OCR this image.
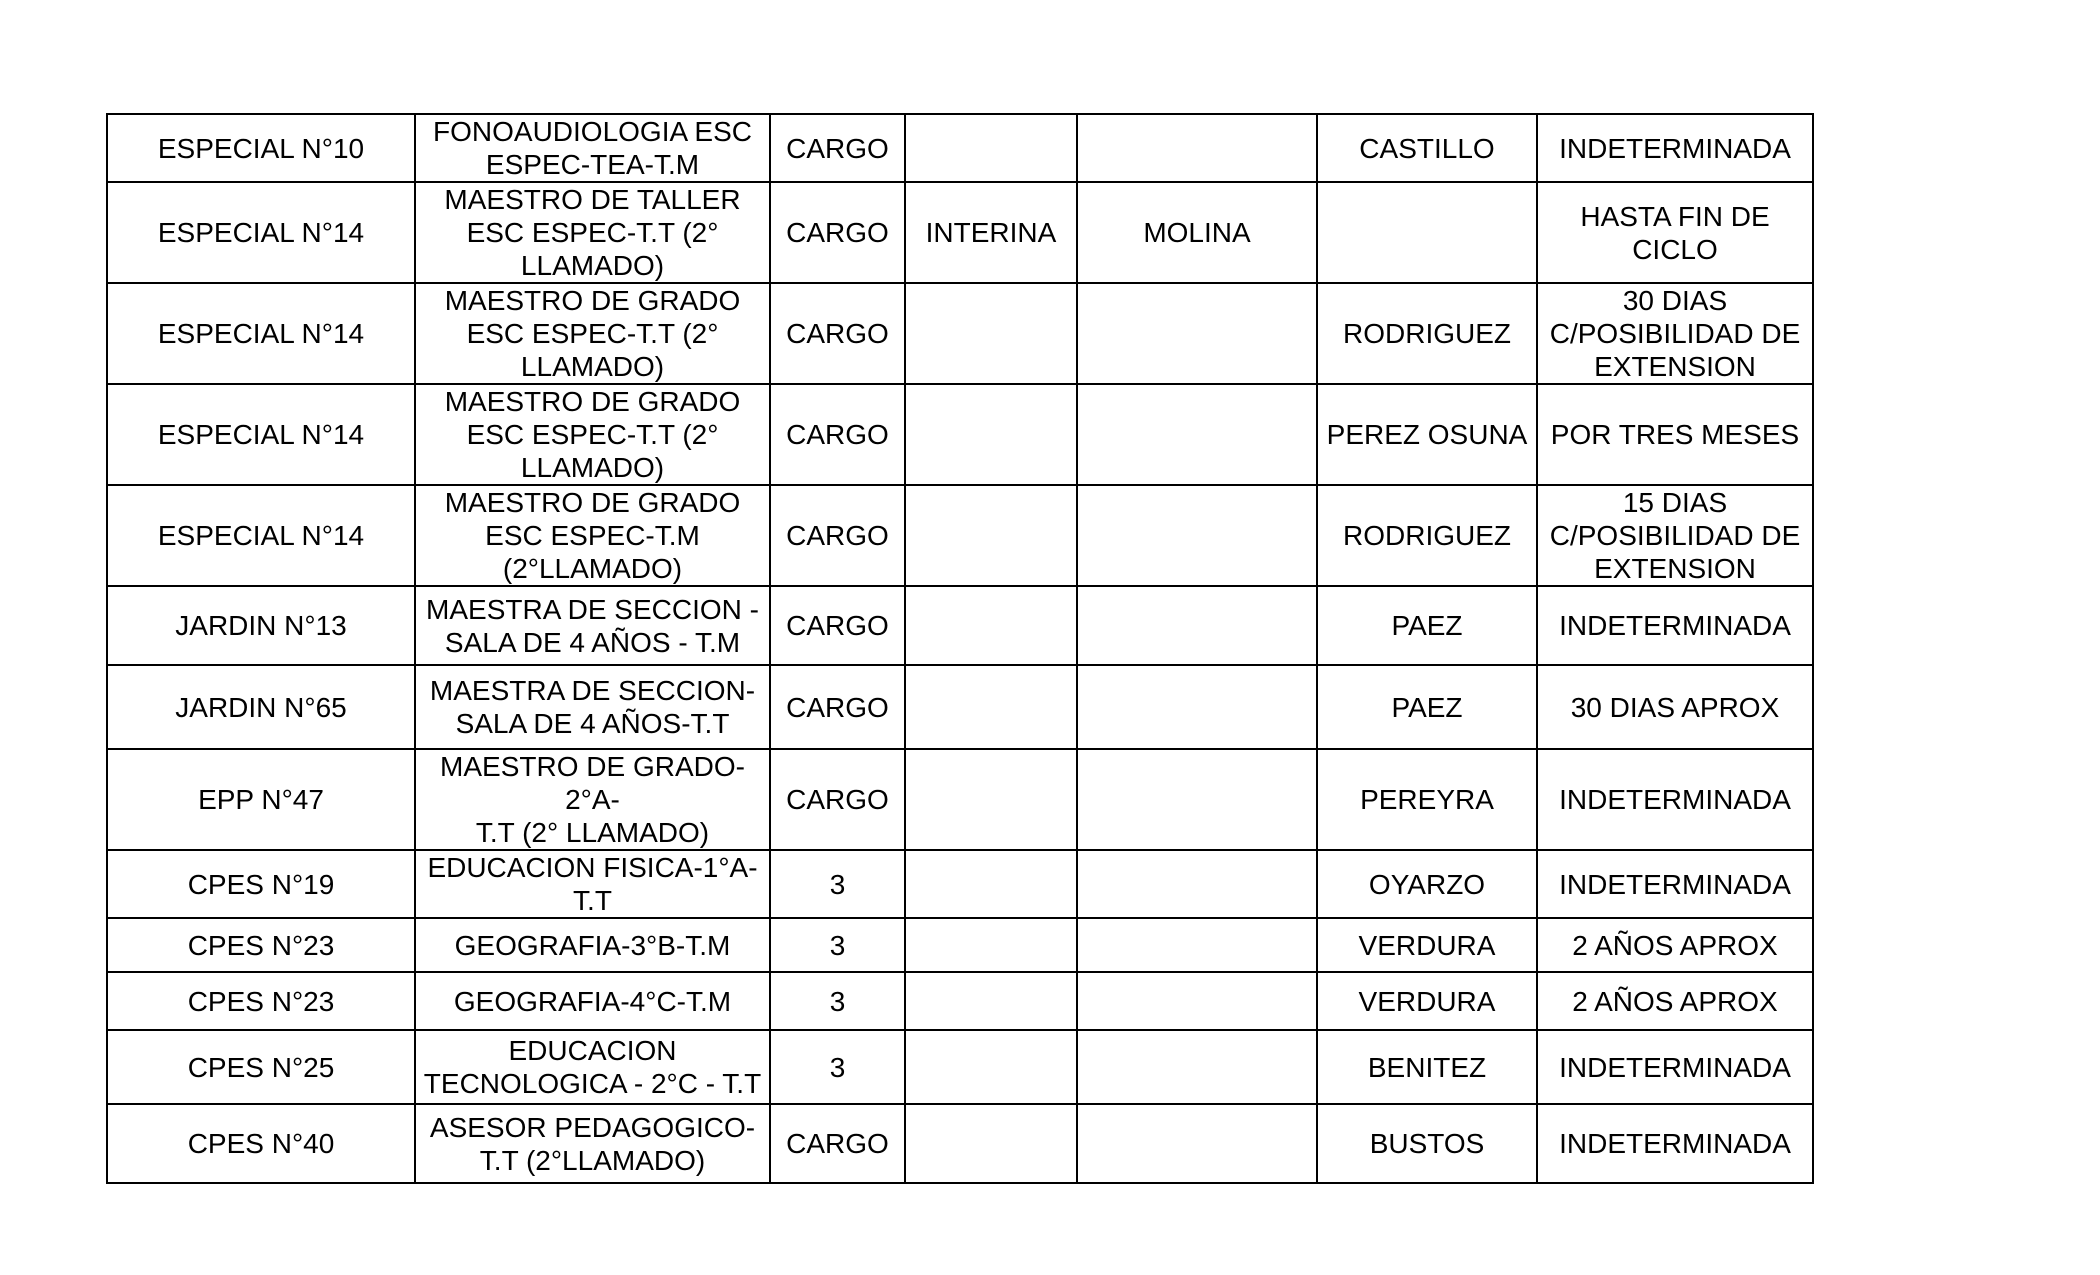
ESPECIAL N°10	FONOAUDIOLOGIA ESC
ESPEC-TEA-T.M	CARGO			CASTILLO	INDETERMINADA
ESPECIAL N°14	MAESTRO DE TALLER
ESC ESPEC-T.T (2°
LLAMADO)	CARGO	INTERINA	MOLINA		HASTA FIN DE
CICLO
ESPECIAL N°14	MAESTRO DE GRADO
ESC ESPEC-T.T (2°
LLAMADO)	CARGO			RODRIGUEZ	30 DIAS
C/POSIBILIDAD DE
EXTENSION
ESPECIAL N°14	MAESTRO DE GRADO
ESC ESPEC-T.T (2°
LLAMADO)	CARGO			PEREZ OSUNA	POR TRES MESES
ESPECIAL N°14	MAESTRO DE GRADO
ESC ESPEC-T.M
(2°LLAMADO)	CARGO			RODRIGUEZ	15 DIAS
C/POSIBILIDAD DE
EXTENSION
JARDIN N°13	MAESTRA DE SECCION -
SALA DE 4 AÑOS - T.M	CARGO			PAEZ	INDETERMINADA
JARDIN N°65	MAESTRA DE SECCION-
SALA DE 4 AÑOS-T.T	CARGO			PAEZ	30 DIAS APROX
EPP N°47	MAESTRO DE GRADO-2°A-
T.T (2° LLAMADO)	CARGO			PEREYRA	INDETERMINADA
CPES N°19	EDUCACION FISICA-1°A-
T.T	3			OYARZO	INDETERMINADA
CPES N°23	GEOGRAFIA-3°B-T.M	3			VERDURA	2 AÑOS APROX
CPES N°23	GEOGRAFIA-4°C-T.M	3			VERDURA	2 AÑOS APROX
CPES N°25	EDUCACION
TECNOLOGICA - 2°C - T.T	3			BENITEZ	INDETERMINADA
CPES N°40	ASESOR PEDAGOGICO-
T.T (2°LLAMADO)	CARGO			BUSTOS	INDETERMINADA
